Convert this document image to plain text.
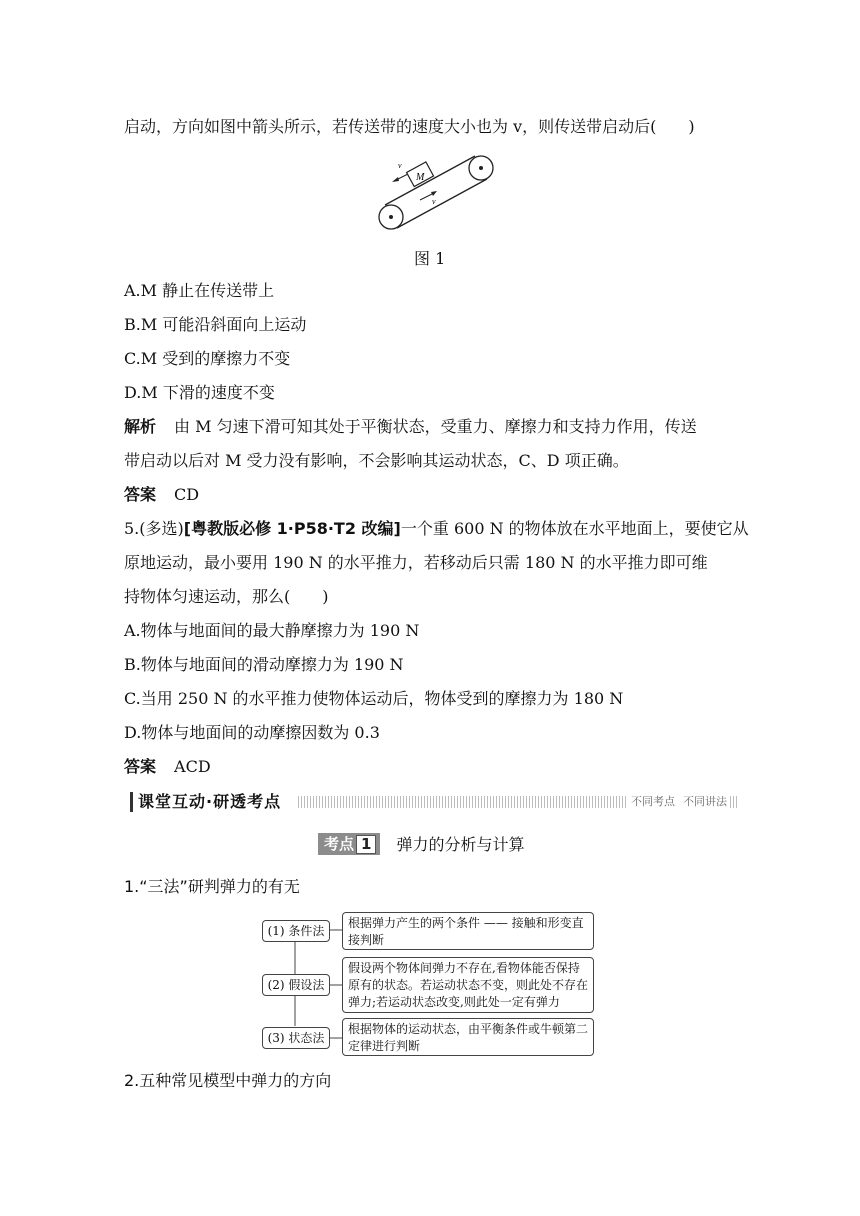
启动，方向如图中箭头所示，若传送带的速度大小也为 v，则传送带启动后(　　)
M
v
v
图 1
A.M 静止在传送带上
B.M 可能沿斜面向上运动
C.M 受到的摩擦力不变
D.M 下滑的速度不变
解析 由 M 匀速下滑可知其处于平衡状态，受重力、摩擦力和支持力作用，传送
带启动以后对 M 受力没有影响，不会影响其运动状态，C、D 项正确。
答案 CD
5.(多选)[粤教版必修 1·P58·T2 改编]一个重 600 N 的物体放在水平地面上，要使它从
原地运动，最小要用 190 N 的水平推力，若移动后只需 180 N 的水平推力即可维
持物体匀速运动，那么(　　)
A.物体与地面间的最大静摩擦力为 190 N
B.物体与地面间的滑动摩擦力为 190 N
C.当用 250 N 的水平推力使物体运动后，物体受到的摩擦力为 180 N
D.物体与地面间的动摩擦因数为 0.3
答案 ACD
课堂互动·研透考点	不同考点 不同讲法
考点 1 弹力的分析与计算
1.“三法”研判弹力的有无
(1) 条件法
根据弹力产生的两个条件 —— 接触和形变直接判断
(2) 假设法
假设两个物体间弹力不存在,看物体能否保持原有的状态。若运动状态不变，则此处不存在弹力;若运动状态改变,则此处一定有弹力
(3) 状态法
根据物体的运动状态，由平衡条件或牛顿第二定律进行判断
2.五种常见模型中弹力的方向
